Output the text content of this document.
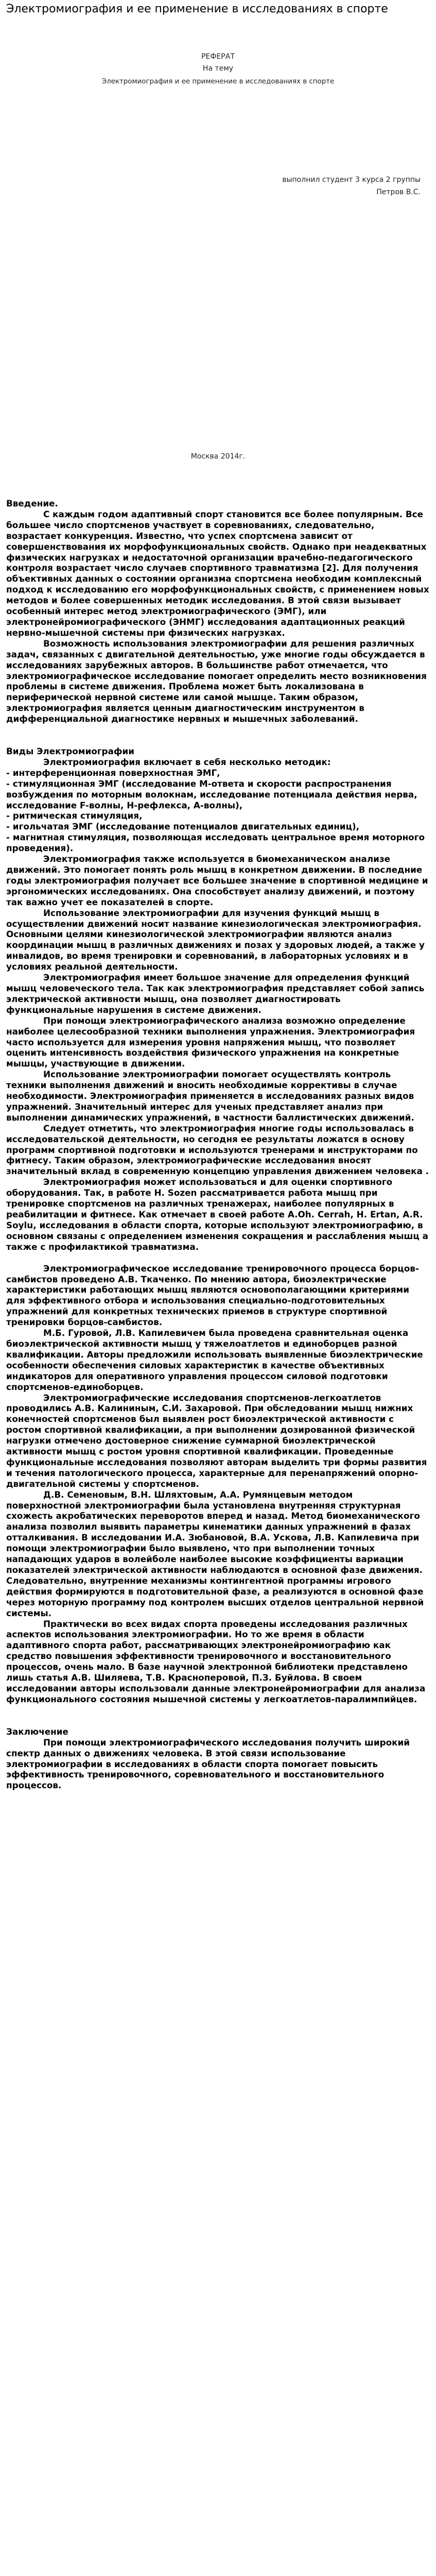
Электромиография и ее применение в исследованиях в спорте
РЕФЕРАТ
На тему
Электромиография и ее применение в исследованиях в спорте
выполнил студент 3 курса 2 группы
Петров В.С.
Москва 2014г.

Введение.

С каждым годом адаптивный спорт становится все более популярным. Все большее число спортсменов участвует в соревнованиях, следовательно, возрастает конкуренция. Известно, что успех спортсмена зависит от совершенствования их морфофункциональных свойств. Однако при неадекватных физических нагрузках и недостаточной организации врачебно-педагогического контроля возрастает число случаев спортивного травматизма [2]. Для получения объективных данных о состоянии организма спортсмена необходим комплексный подход к исследованию его морфофункциональных свойств, с применением новых методов и более совершенных методик исследования. В этой связи вызывает особенный интерес метод электромиографического (ЭМГ), или электронейромиографического (ЭНМГ) исследования адаптационных реакций нервно-мышечной системы при физических нагрузках.

Возможность использования электромиографии для решения различных задач, связанных с двигательной деятельностью, уже многие годы обсуждается в исследованиях зарубежных авторов. В большинстве работ отмечается, что электромиографическое исследование помогает определить место возникновения проблемы в системе движения. Проблема может быть локализована в периферической нервной системе или самой мышце. Таким образом, электромиография является ценным диагностическим инструментом в дифференциальной диагностике нервных и мышечных заболеваний.

Виды Электромиографии

Электромиография включает в себя несколько методик:

- интерференционная поверхностная ЭМГ,

- стимуляционная ЭМГ (исследование М-ответа и скорости распространения возбуждения по моторным волокнам, исследование потенциала действия нерва, исследование F-волны, Н-рефлекса, А-волны),

- ритмическая стимуляция,

- игольчатая ЭМГ (исследование потенциалов двигательных единиц),

- магнитная стимуляция, позволяющая исследовать центральное время моторного проведения).

Электромиография также используется в биомеханическом анализе движений. Это помогает понять роль мышц в конкретном движении. В последние годы электромиография получает все большее значение в спортивной медицине и эргономических исследованиях. Она способствует анализу движений, и поэтому так важно учет ее показателей в спорте.

Использование электромиографии для изучения функций мышц в осуществлении движений носит название кинезиологическая электромиография. Основными целями кинезиологической электромиографии являются анализ координации мышц в различных движениях и позах у здоровых людей, а также у инвалидов, во время тренировки и соревнований, в лабораторных условиях и в условиях реальной деятельности.

Электромиография имеет большое значение для определения функций мышц человеческого тела. Так как электромиография представляет собой запись электрической активности мышц, она позволяет диагностировать функциональные нарушения в системе движения.

При помощи электромиографического анализа возможно определение наиболее целесообразной техники выполнения упражнения. Электромиография часто используется для измерения уровня напряжения мышц, что позволяет оценить интенсивность воздействия физического упражнения на конкретные мышцы, участвующие в движении.

Использование электромиографии помогает осуществлять контроль техники выполнения движений и вносить необходимые коррективы в случае необходимости. Электромиография применяется в исследованиях разных видов упражнений. Значительный интерес для ученых представляет анализ при выполнении динамических упражнений, в частности баллистических движений.

Следует отметить, что электромиография многие годы использовалась в исследовательской деятельности, но сегодня ее результаты ложатся в основу программ спортивной подготовки и используются тренерами и инструкторами по фитнесу. Таким образом, электромиографические исследования вносят значительный вклад в современную концепцию управления движением человека .

Электромиография может использоваться и для оценки спортивного оборудования. Так, в работе H. Sozen рассматривается работа мышц при тренировке спортсменов на различных тренажерах, наиболее популярных в реабилитации и фитнесе. Как отмечает в своей работе A.Oh. Cerrah, H. Ertan, A.R. Soylu, исследования в области спорта, которые используют электромиографию, в основном связаны с определением изменения сокращения и расслабления мышц а также с профилактикой травматизма.

Электромиографическое исследование тренировочного процесса борцов-самбистов проведено А.В. Ткаченко. По мнению автора, биоэлектрические характеристики работающих мышц являются основополагающими критериями для эффективного отбора и использования специально-подготовительных упражнений для конкретных технических приемов в структуре спортивной тренировки борцов-самбистов.

М.Б. Гуровой, Л.В. Капилевичем была проведена сравнительная оценка биоэлектрической активности мышц у тяжелоатлетов и единоборцев разной квалификации. Авторы предложили использовать выявленные биоэлектрические особенности обеспечения силовых характеристик в качестве объективных индикаторов для оперативного управления процессом силовой подготовки спортсменов-единоборцев.

Электромиографические исследования спортсменов-легкоатлетов проводились А.В. Калининым, С.И. Захаровой. При обследовании мышц нижних конечностей спортсменов был выявлен рост биоэлектрической активности с ростом спортивной квалификации, а при выполнении дозированной физической нагрузки отмечено достоверное снижение суммарной биоэлектрической активности мышц с ростом уровня спортивной квалификации. Проведенные функциональные исследования позволяют авторам выделить три формы развития и течения патологического процесса, характерные для перенапряжений опорно-двигательной системы у спортсменов.

Д.В. Семеновым, В.Н. Шляхтовым, А.А. Румянцевым методом поверхностной электромиографии была установлена внутренняя структурная схожесть акробатических переворотов вперед и назад. Метод биомеханического анализа позволил выявить параметры кинематики данных упражнений в фазах отталкивания. В исследовании И.А. Зюбановой, В.А. Ускова, Л.В. Капилевича при помощи электромиографии было выявлено, что при выполнении точных нападающих ударов в волейболе наиболее высокие коэффициенты вариации показателей электрической активности наблюдаются в основной фазе движения. Следовательно, внутренние механизмы контингентной программы игрового действия формируются в подготовительной фазе, а реализуются в основной фазе через моторную программу под контролем высших отделов центральной нервной системы.

Практически во всех видах спорта проведены исследования различных аспектов использования электромиографии. Но то же время в области адаптивного спорта работ, рассматривающих электронейромиографию как средство повышения эффективности тренировочного и восстановительного процессов, очень мало. В базе научной электронной библиотеки представлено лишь статья А.В. Шиляева, Т.В. Красноперовой, П.З. Буйлова. В своем исследовании авторы использовали данные электронейромиографии для анализа функционального состояния мышечной системы у легкоатлетов-паралимпийцев.

Заключение

При помощи электромиографического исследования получить широкий спектр данных о движениях человека. В этой связи использование электромиографии в исследованиях в области спорта помогает повысить эффективность тренировочного, соревновательного и восстановительного процессов.
